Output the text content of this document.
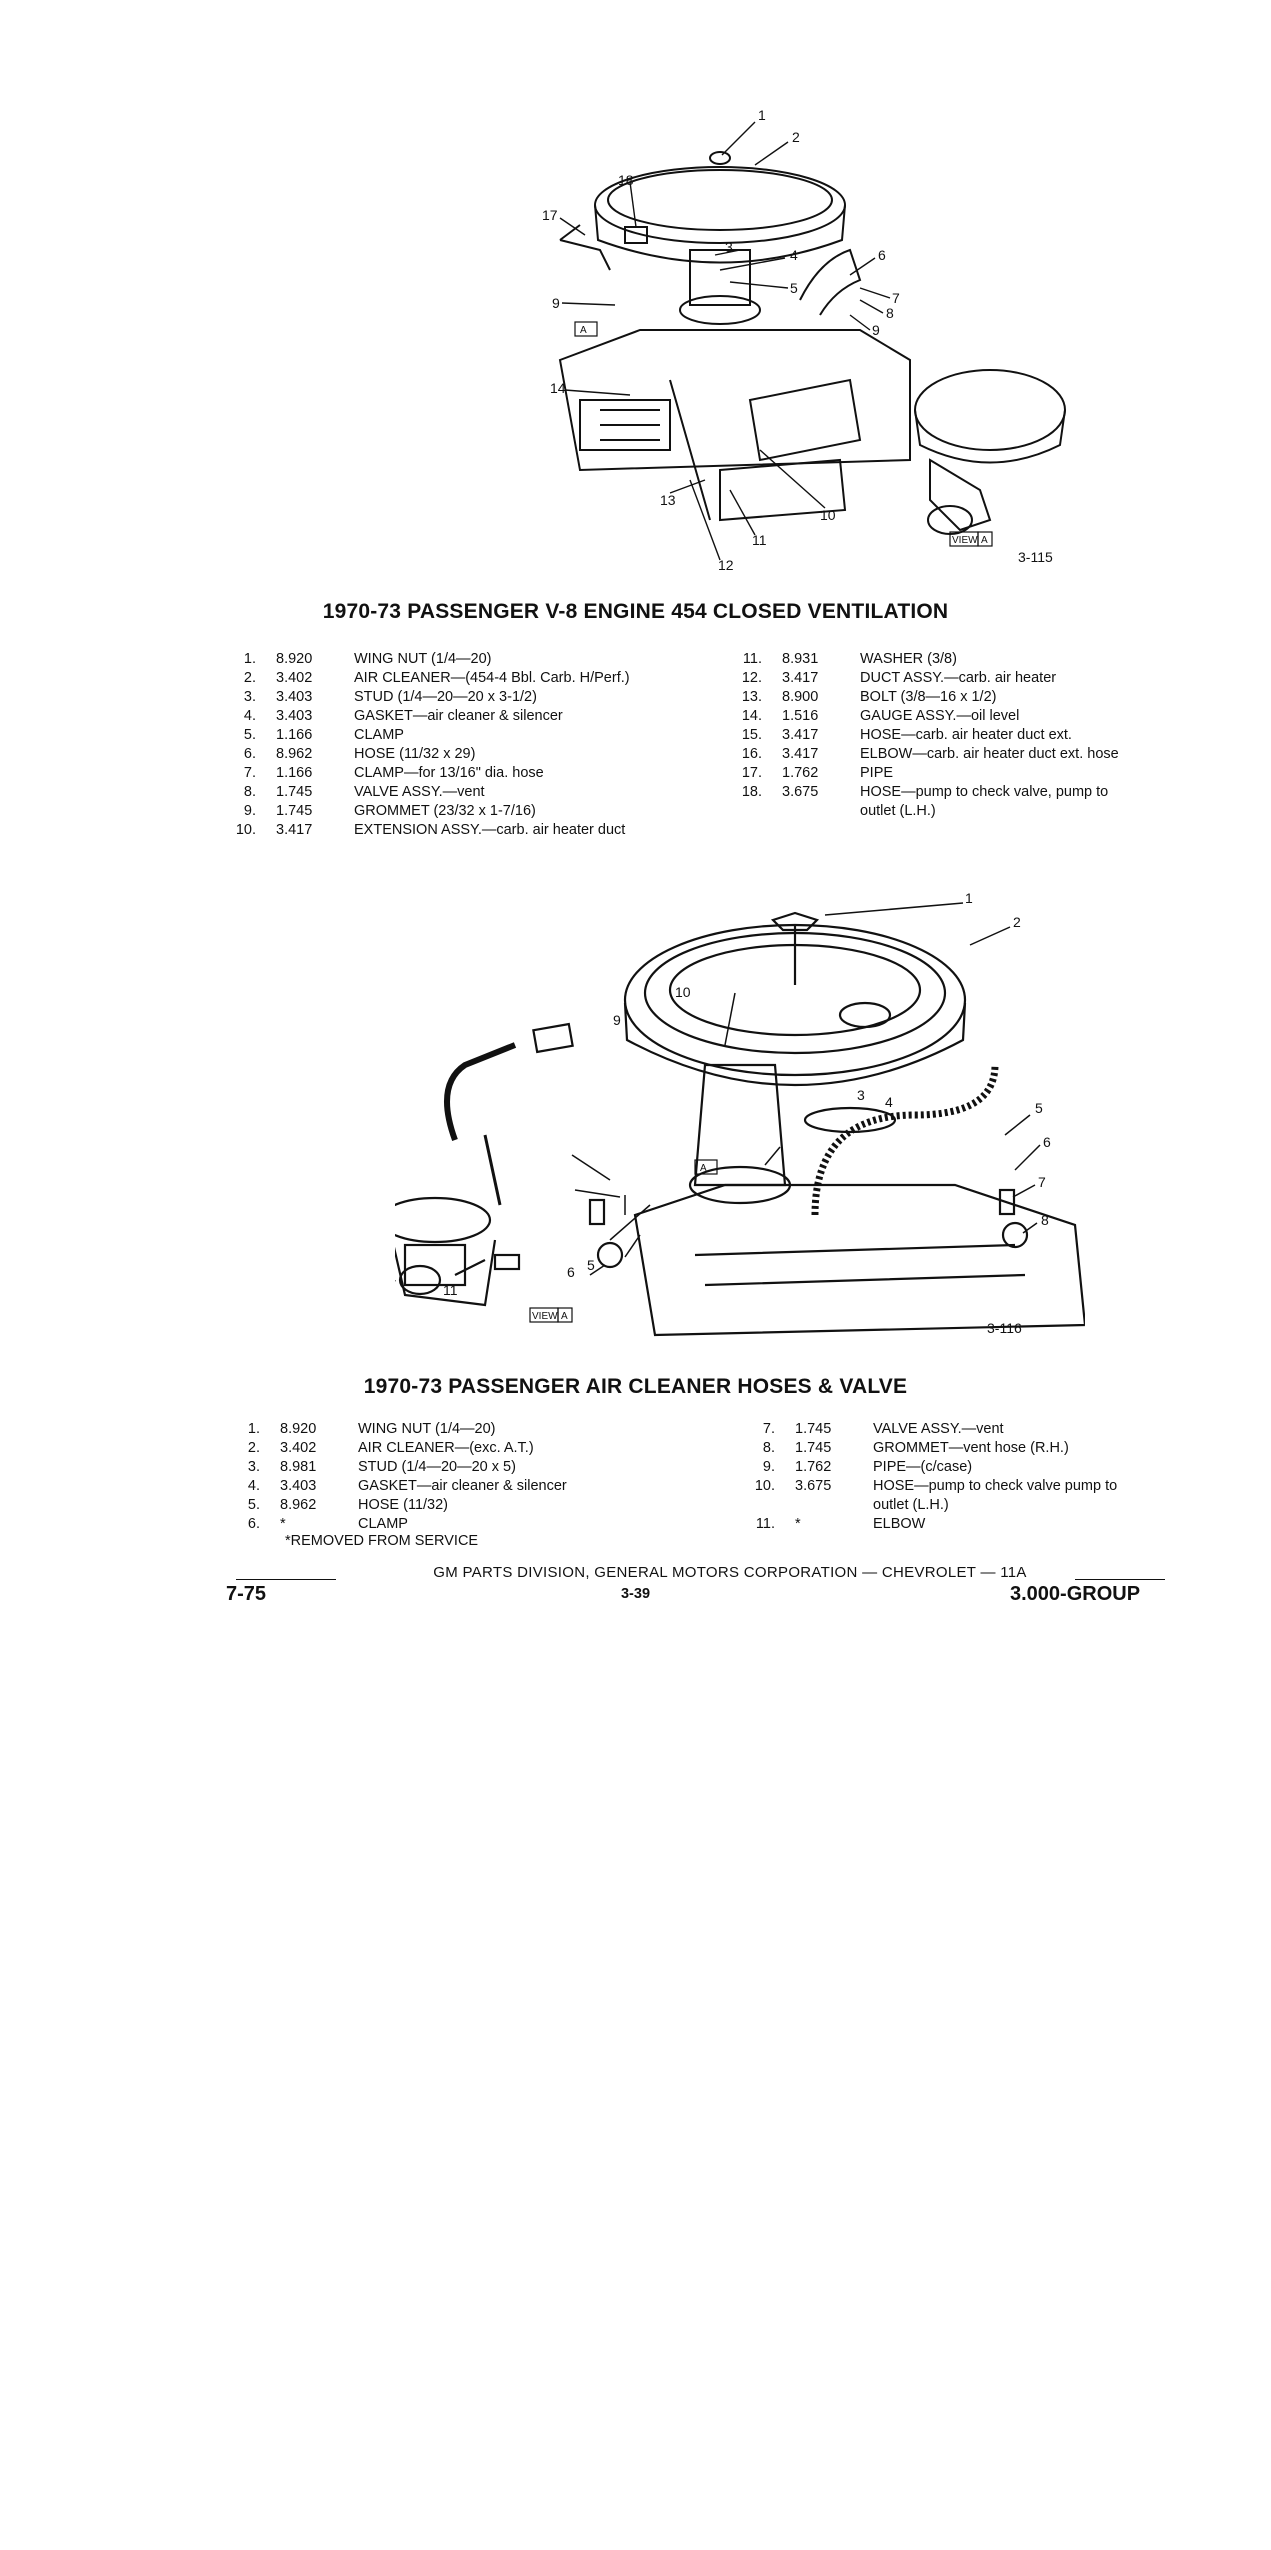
1
2
3	4
5
6
7
8
9
9
10
11
12
13
14
17
18
VIEW A
A
3-115
1970-73 PASSENGER V-8 ENGINE 454 CLOSED VENTILATION
1.	8.920	WING NUT (1/4—20)
2.	3.402	AIR CLEANER—(454-4 Bbl. Carb. H/Perf.)
3.	3.403	STUD (1/4—20—20 x 3-1/2)
4.	3.403	GASKET—air cleaner & silencer
5.	1.166	CLAMP
6.	8.962	HOSE (11/32 x 29)
7.	1.166	CLAMP—for 13/16" dia. hose
8.	1.745	VALVE ASSY.—vent
9.	1.745	GROMMET (23/32 x 1-7/16)
10.	3.417	EXTENSION ASSY.—carb. air heater duct
11.	8.931	WASHER (3/8)
12.	3.417	DUCT ASSY.—carb. air heater
13.	8.900	BOLT (3/8—16 x 1/2)
14.	1.516	GAUGE ASSY.—oil level
15.	3.417	HOSE—carb. air heater duct ext.
16.	3.417	ELBOW—carb. air heater duct ext. hose
17.	1.762	PIPE
18.	3.675	HOSE—pump to check valve, pump to
outlet (L.H.)
1
2
3 4	5
6
7
8
9
10
5
6
11
VIEW A
A
3-116
1970-73 PASSENGER AIR CLEANER HOSES & VALVE
1.	8.920	WING NUT (1/4—20)
2.	3.402	AIR CLEANER—(exc. A.T.)
3.	8.981	STUD (1/4—20—20 x 5)
4.	3.403	GASKET—air cleaner & silencer
5.	8.962	HOSE (11/32)
6.	*	CLAMP
7.	1.745	VALVE ASSY.—vent
8.	1.745	GROMMET—vent hose (R.H.)
9.	1.762	PIPE—(c/case)
10.	3.675	HOSE—pump to check valve pump to
outlet (L.H.)
11.	*	ELBOW
*REMOVED FROM SERVICE
GM PARTS DIVISION, GENERAL MOTORS CORPORATION — CHEVROLET — 11A
7-75	3-39	3.000-GROUP
